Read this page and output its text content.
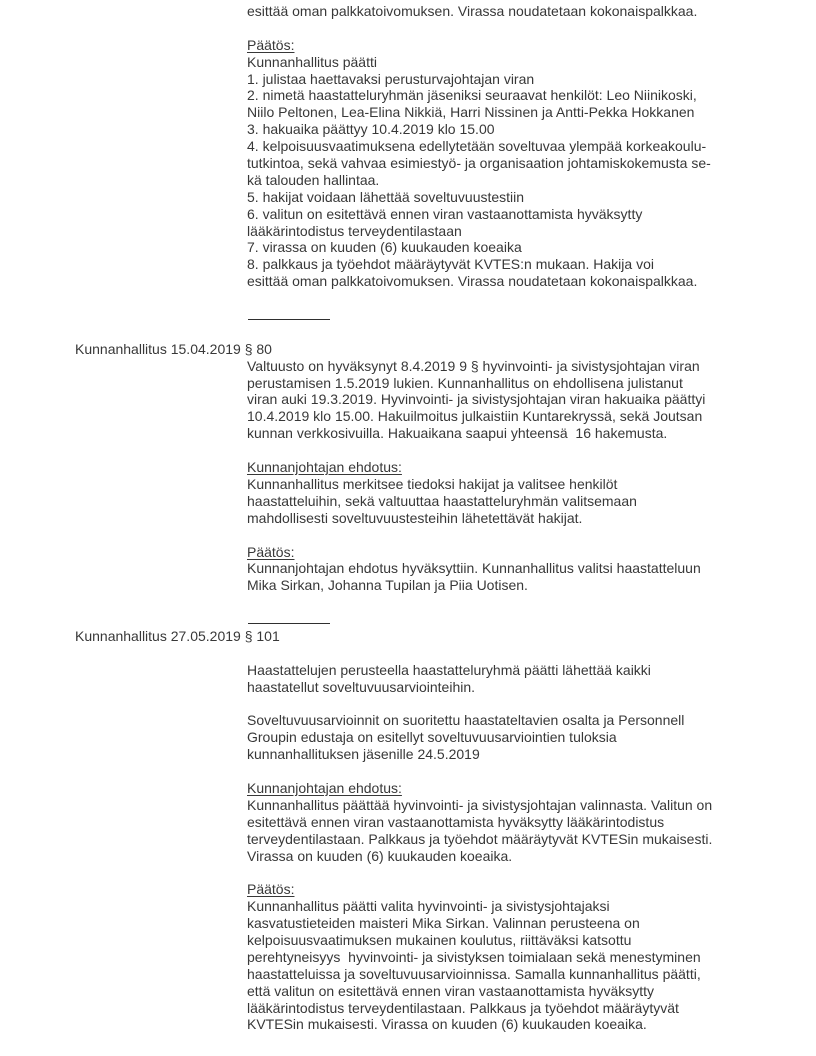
esittää oman palkkatoivomuksen. Virassa noudatetaan kokonaispalkkaa.
Päätös:
Kunnanhallitus päätti
1. julistaa haettavaksi perusturvajohtajan viran
2. nimetä haastatteluryhmän jäseniksi seuraavat henkilöt: Leo Niinikoski,
Niilo Peltonen, Lea-Elina Nikkiä, Harri Nissinen ja Antti-Pekka Hokkanen
3. hakuaika päättyy 10.4.2019 klo 15.00
4. kelpoisuusvaatimuksena edellytetään soveltuvaa ylempää korkeakoulu-
tutkintoa, sekä vahvaa esimiestyö- ja organisaation johtamiskokemusta se-
kä talouden hallintaa.
5. hakijat voidaan lähettää soveltuvuustestiin
6. valitun on esitettävä ennen viran vastaanottamista hyväksytty
lääkärintodistus terveydentilastaan
7. virassa on kuuden (6) kuukauden koeaika
8. palkkaus ja työehdot määräytyvät KVTES:n mukaan. Hakija voi
esittää oman palkkatoivomuksen. Virassa noudatetaan kokonaispalkkaa.
Kunnanhallitus 15.04.2019 § 80
Valtuusto on hyväksynyt 8.4.2019 9 § hyvinvointi- ja sivistysjohtajan viran
perustamisen 1.5.2019 lukien. Kunnanhallitus on ehdollisena julistanut
viran auki 19.3.2019. Hyvinvointi- ja sivistysjohtajan viran hakuaika päättyi
10.4.2019 klo 15.00. Hakuilmoitus julkaistiin Kuntarekryssä, sekä Joutsan
kunnan verkkosivuilla. Hakuaikana saapui yhteensä  16 hakemusta.
Kunnanjohtajan ehdotus:
Kunnanhallitus merkitsee tiedoksi hakijat ja valitsee henkilöt
haastatteluihin, sekä valtuuttaa haastatteluryhmän valitsemaan
mahdollisesti soveltuvuustesteihin lähetettävät hakijat.
Päätös:
Kunnanjohtajan ehdotus hyväksyttiin. Kunnanhallitus valitsi haastatteluun
Mika Sirkan, Johanna Tupilan ja Piia Uotisen.
Kunnanhallitus 27.05.2019 § 101
Haastattelujen perusteella haastatteluryhmä päätti lähettää kaikki
haastatellut soveltuvuusarviointeihin.
Soveltuvuusarvioinnit on suoritettu haastateltavien osalta ja Personnell
Groupin edustaja on esitellyt soveltuvuusarviointien tuloksia
kunnanhallituksen jäsenille 24.5.2019
Kunnanjohtajan ehdotus:
Kunnanhallitus päättää hyvinvointi- ja sivistysjohtajan valinnasta. Valitun on
esitettävä ennen viran vastaanottamista hyväksytty lääkärintodistus
terveydentilastaan. Palkkaus ja työehdot määräytyvät KVTESin mukaisesti.
Virassa on kuuden (6) kuukauden koeaika.
Päätös:
Kunnanhallitus päätti valita hyvinvointi- ja sivistysjohtajaksi
kasvatustieteiden maisteri Mika Sirkan. Valinnan perusteena on
kelpoisuusvaatimuksen mukainen koulutus, riittäväksi katsottu
perehtyneisyys  hyvinvointi- ja sivistyksen toimialaan sekä menestyminen
haastatteluissa ja soveltuvuusarvioinnissa. Samalla kunnanhallitus päätti,
että valitun on esitettävä ennen viran vastaanottamista hyväksytty
lääkärintodistus terveydentilastaan. Palkkaus ja työehdot määräytyvät
KVTESin mukaisesti. Virassa on kuuden (6) kuukauden koeaika.
